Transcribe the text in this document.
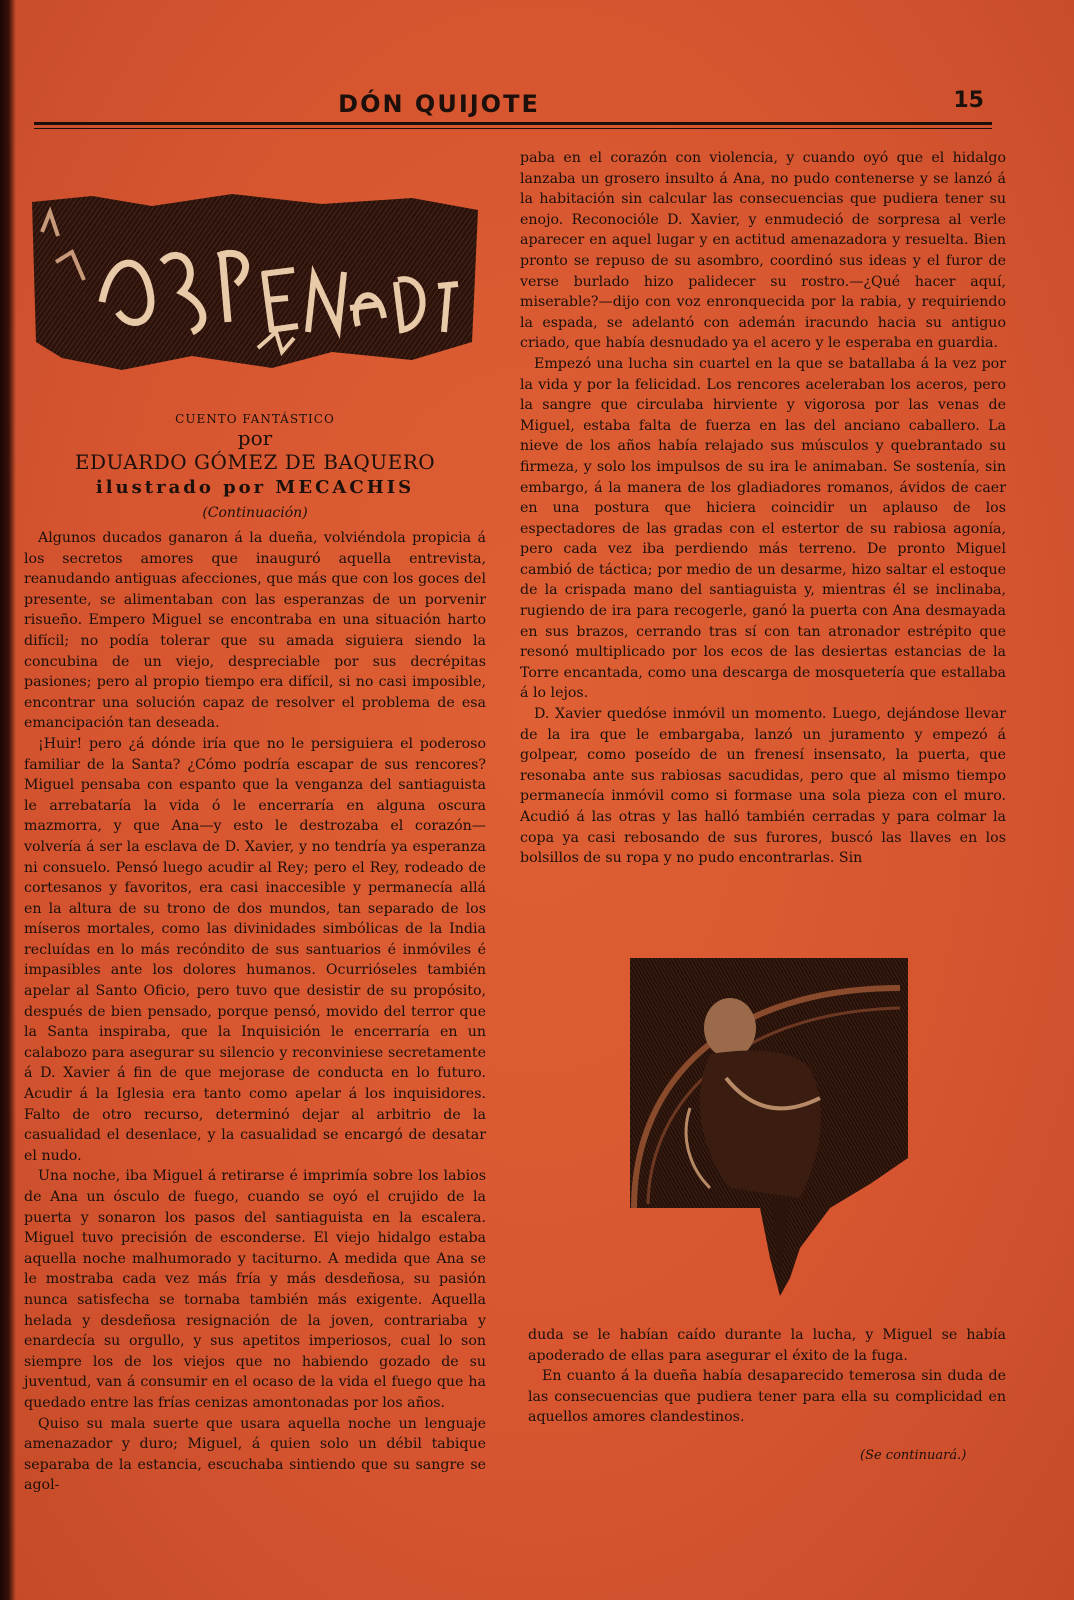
DÓN QUIJOTE	15
CUENTO FANTÁSTICO
por
EDUARDO GÓMEZ DE BAQUERO
ilustrado por MECACHIS
(Continuación)

Algunos ducados ganaron á la dueña, volviéndola propicia á los secretos amores que inauguró aquella entrevista, reanudando antiguas afecciones, que más que con los goces del presente, se alimentaban con las esperanzas de un porvenir risueño. Empero Miguel se encontraba en una situación harto difícil; no podía tolerar que su amada siguiera siendo la concubina de un viejo, despreciable por sus decrépitas pasiones; pero al propio tiempo era difícil, si no casi imposible, encontrar una solución capaz de resolver el problema de esa emancipación tan deseada.

¡Huir! pero ¿á dónde iría que no le persiguiera el poderoso familiar de la Santa? ¿Cómo podría escapar de sus rencores? Miguel pensaba con espanto que la venganza del santiaguista le arrebataría la vida ó le encerraría en alguna oscura mazmorra, y que Ana—y esto le destrozaba el corazón—volvería á ser la esclava de D. Xavier, y no tendría ya esperanza ni consuelo. Pensó luego acudir al Rey; pero el Rey, rodeado de cortesanos y favoritos, era casi inaccesible y permanecía allá en la altura de su trono de dos mundos, tan separado de los míseros mortales, como las divinidades simbólicas de la India recluídas en lo más recóndito de sus santuarios é inmóviles é impasibles ante los dolores humanos. Ocurrióseles también apelar al Santo Oficio, pero tuvo que desistir de su propósito, después de bien pensado, porque pensó, movido del terror que la Santa inspiraba, que la Inquisición le encerraría en un calabozo para asegurar su silencio y reconviniese secretamente á D. Xavier á fin de que mejorase de conducta en lo futuro. Acudir á la Iglesia era tanto como apelar á los inquisidores. Falto de otro recurso, determinó dejar al arbitrio de la casualidad el desenlace, y la casualidad se encargó de desatar el nudo.

Una noche, iba Miguel á retirarse é imprimía sobre los labios de Ana un ósculo de fuego, cuando se oyó el crujido de la puerta y sonaron los pasos del santiaguista en la escalera. Miguel tuvo precisión de esconderse. El viejo hidalgo estaba aquella noche malhumorado y taciturno. A medida que Ana se le mostraba cada vez más fría y más desdeñosa, su pasión nunca satisfecha se tornaba también más exigente. Aquella helada y desdeñosa resignación de la joven, contrariaba y enardecía su orgullo, y sus apetitos imperiosos, cual lo son siempre los de los viejos que no habiendo gozado de su juventud, van á consumir en el ocaso de la vida el fuego que ha quedado entre las frías cenizas amontonadas por los años.

Quiso su mala suerte que usara aquella noche un lenguaje amenazador y duro; Miguel, á quien solo un débil tabique separaba de la estancia, escuchaba sintiendo que su sangre se agol-

paba en el corazón con violencia, y cuando oyó que el hidalgo lanzaba un grosero insulto á Ana, no pudo contenerse y se lanzó á la habitación sin calcular las consecuencias que pudiera tener su enojo. Reconocióle D. Xavier, y enmudeció de sorpresa al verle aparecer en aquel lugar y en actitud amenazadora y resuelta. Bien pronto se repuso de su asombro, coordinó sus ideas y el furor de verse burlado hizo palidecer su rostro.—¿Qué hacer aquí, miserable?—dijo con voz enronquecida por la rabia, y requiriendo la espada, se adelantó con ademán iracundo hacia su antiguo criado, que había desnudado ya el acero y le esperaba en guardia.

Empezó una lucha sin cuartel en la que se batallaba á la vez por la vida y por la felicidad. Los rencores aceleraban los aceros, pero la sangre que circulaba hirviente y vigorosa por las venas de Miguel, estaba falta de fuerza en las del anciano caballero. La nieve de los años había relajado sus músculos y quebrantado su firmeza, y solo los impulsos de su ira le animaban. Se sostenía, sin embargo, á la manera de los gladiadores romanos, ávidos de caer en una postura que hiciera coincidir un aplauso de los espectadores de las gradas con el estertor de su rabiosa agonía, pero cada vez iba perdiendo más terreno. De pronto Miguel cambió de táctica; por medio de un desarme, hizo saltar el estoque de la crispada mano del santiaguista y, mientras él se inclinaba, rugiendo de ira para recogerle, ganó la puerta con Ana desmayada en sus brazos, cerrando tras sí con tan atronador estrépito que resonó multiplicado por los ecos de las desiertas estancias de la Torre encantada, como una descarga de mosquetería que estallaba á lo lejos.

D. Xavier quedóse inmóvil un momento. Luego, dejándose llevar de la ira que le embargaba, lanzó un juramento y empezó á golpear, como poseído de un frenesí insensato, la puerta, que resonaba ante sus rabiosas sacudidas, pero que al mismo tiempo permanecía inmóvil como si formase una sola pieza con el muro. Acudió á las otras y las halló también cerradas y para colmar la copa ya casi rebosando de sus furores, buscó las llaves en los bolsillos de su ropa y no pudo encontrarlas. Sin

duda se le habían caído durante la lucha, y Miguel se había apoderado de ellas para asegurar el éxito de la fuga.

En cuanto á la dueña había desaparecido temerosa sin duda de las consecuencias que pudiera tener para ella su complicidad en aquellos amores clandestinos.

(Se continuará.)
